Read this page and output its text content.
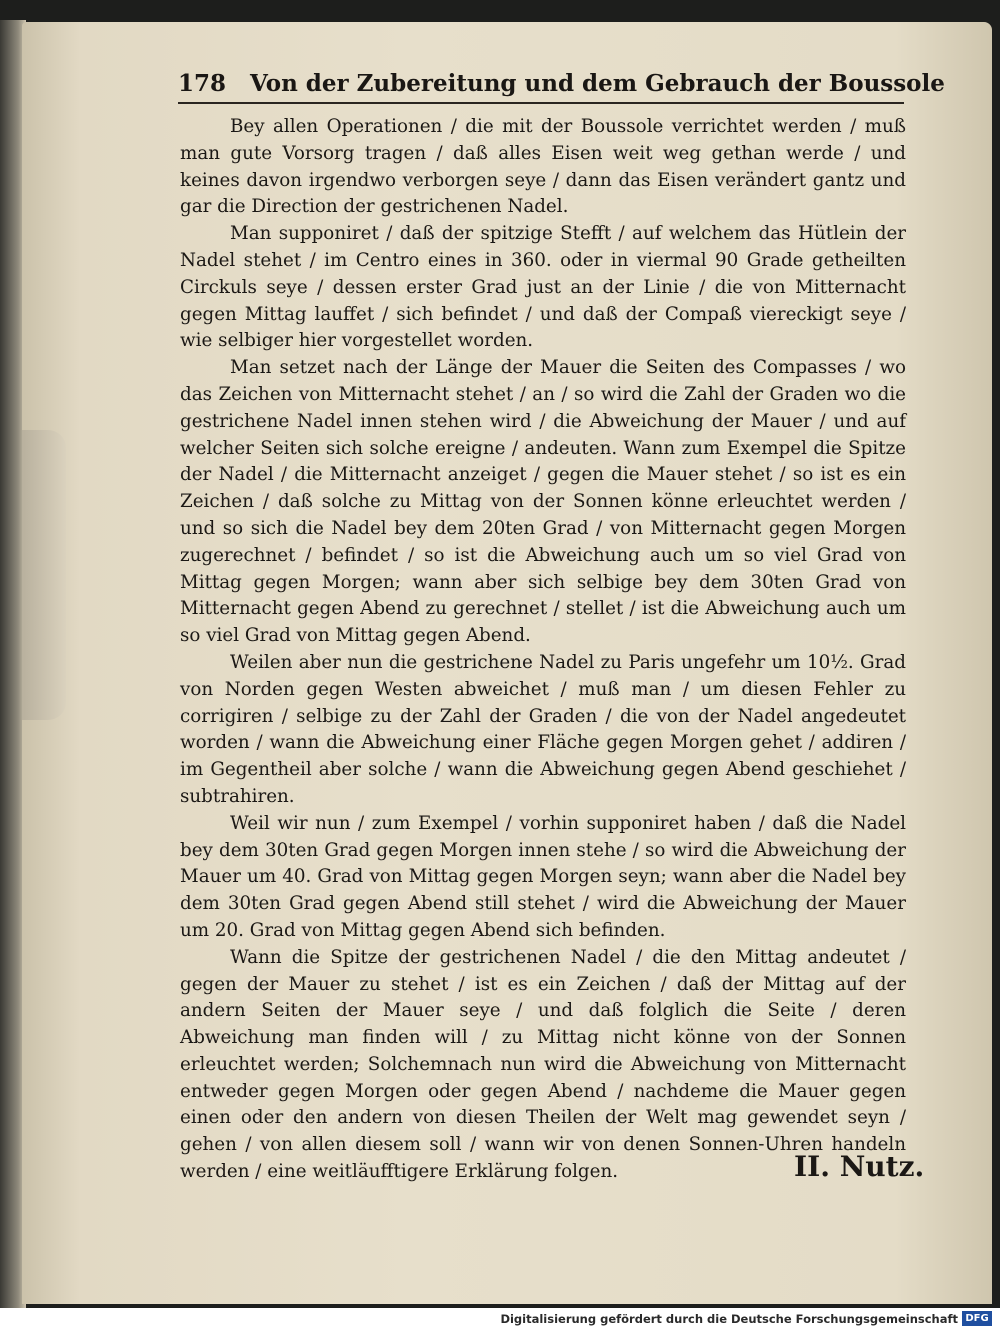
178 Von der Zubereitung und dem Gebrauch der Boussole

Bey allen Operationen / die mit der Boussole verrichtet werden / muß man gute Vorsorg tragen / daß alles Eisen weit weg gethan werde / und keines davon irgendwo verborgen seye / dann das Eisen verändert gantz und gar die Direction der gestrichenen Nadel.

Man supponiret / daß der spitzige Stefft / auf welchem das Hütlein der Nadel stehet / im Centro eines in 360. oder in viermal 90 Grade getheilten Circkuls seye / dessen erster Grad just an der Linie / die von Mitternacht gegen Mittag lauffet / sich befindet / und daß der Compaß viereckigt seye / wie selbiger hier vorgestellet worden.

Man setzet nach der Länge der Mauer die Seiten des Compasses / wo das Zeichen von Mitternacht stehet / an / so wird die Zahl der Graden wo die gestrichene Nadel innen stehen wird / die Abweichung der Mauer / und auf welcher Seiten sich solche ereigne / andeuten. Wann zum Exempel die Spitze der Nadel / die Mitternacht anzeiget / gegen die Mauer stehet / so ist es ein Zeichen / daß solche zu Mittag von der Sonnen könne erleuchtet werden / und so sich die Nadel bey dem 20ten Grad / von Mitternacht gegen Morgen zugerechnet / befindet / so ist die Abweichung auch um so viel Grad von Mittag gegen Morgen; wann aber sich selbige bey dem 30ten Grad von Mitternacht gegen Abend zu gerechnet / stellet / ist die Abweichung auch um so viel Grad von Mittag gegen Abend.

Weilen aber nun die gestrichene Nadel zu Paris ungefehr um 10½. Grad von Norden gegen Westen abweichet / muß man / um diesen Fehler zu corrigiren / selbige zu der Zahl der Graden / die von der Nadel angedeutet worden / wann die Abweichung einer Fläche gegen Morgen gehet / addiren / im Gegentheil aber solche / wann die Abweichung gegen Abend geschiehet / subtrahiren.

Weil wir nun / zum Exempel / vorhin supponiret haben / daß die Nadel bey dem 30ten Grad gegen Morgen innen stehe / so wird die Abweichung der Mauer um 40. Grad von Mittag gegen Morgen seyn; wann aber die Nadel bey dem 30ten Grad gegen Abend still stehet / wird die Abweichung der Mauer um 20. Grad von Mittag gegen Abend sich befinden.

Wann die Spitze der gestrichenen Nadel / die den Mittag andeutet / gegen der Mauer zu stehet / ist es ein Zeichen / daß der Mittag auf der andern Seiten der Mauer seye / und daß folglich die Seite / deren Abweichung man finden will / zu Mittag nicht könne von der Sonnen erleuchtet werden; Solchemnach nun wird die Abweichung von Mitternacht entweder gegen Morgen oder gegen Abend / nachdeme die Mauer gegen einen oder den andern von diesen Theilen der Welt mag gewendet seyn / gehen / von allen diesem soll / wann wir von denen Sonnen-Uhren handeln werden / eine weitläufftigere Erklärung folgen.	II. Nutz.
Digitalisierung gefördert durch die Deutsche Forschungsgemeinschaft DFG
